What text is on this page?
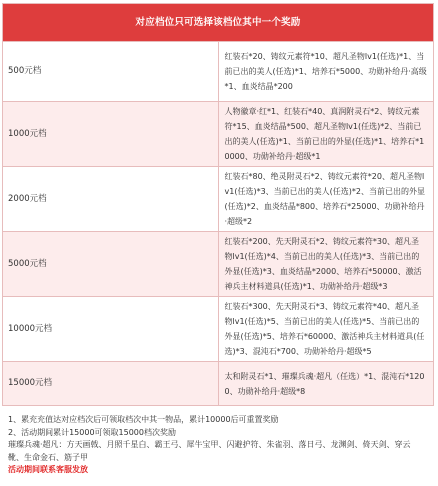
对应档位只可选择该档位其中一个奖励	
500元档	红装石*20、铸纹元素符*10、超凡圣物lv1(任选)*1、当前已出的美人(任选)*1、培养石*5000、功勋补给丹·高级*1、血炎结晶*200
1000元档	人物徽章·红*1、红装石*40、真润附灵石*2、铸纹元素符*15、血炎结晶*500、超凡圣物lv1(任选)*2、当前已出的美人(任选)*1、当前已出的外显(任选)*1、培养石*10000、功勋补给丹·超级*1
2000元档	红装石*80、绝灵附灵石*2、铸纹元素符*20、超凡圣物lv1(任选)*3、当前已出的美人(任选)*2、当前已出的外显(任选)*2、血炎结晶*800、培养石*25000、功勋补给丹·超级*2
5000元档	红装石*200、先天附灵石*2、铸纹元素符*30、超凡圣物lv1(任选)*4、当前已出的美人(任选)*3、当前已出的外显(任选)*3、血炎结晶*2000、培养石*50000、激活神兵主材料道具(任选)*1、功勋补给丹·超级*3
10000元档	红装石*300、先天附灵石*3、铸纹元素符*40、超凡圣物lv1(任选)*5、当前已出的美人(任选)*5、当前已出的外显(任选)*5、培养石*60000、激活神兵主材料道具(任选)*3、混沌石*700、功勋补给丹·超级*5
15000元档	太和附灵石*1、璀璨兵魂·超凡（任选）*1、混沌石*1200、功勋补给丹·超级*8
1、累充充值达对应档次后可领取档次中其一物品，累计10000后可重置奖励
2、活动期间累计15000可领取15000档次奖励
璀璨兵魂·超凡：方天画戟、月照千星白、霸王弓、犀牛宝甲、闪避护符、朱雀羽、落日弓、龙渊剑、倚天剑、穿云靴、生命金石、筋子甲
活动期间联系客服发放
